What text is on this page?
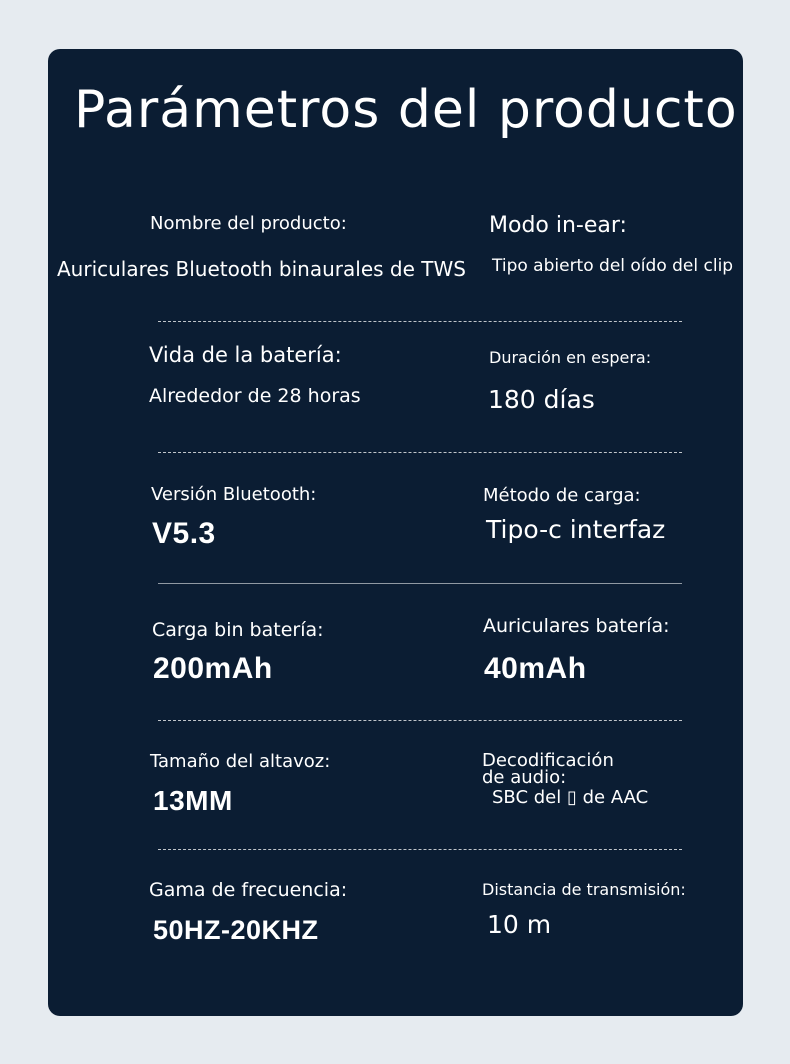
Parámetros del producto
Nombre del producto:
Auriculares Bluetooth binaurales de TWS
Modo in-ear:
Tipo abierto del oído del clip
Vida de la batería:
Alrededor de 28 horas
Duración en espera:
180 días
Versión Bluetooth:
V5.3
Método de carga:
Tipo-c interfaz
Carga bin batería:
200mAh
Auriculares batería:
40mAh
Tamaño del altavoz:
13MM
Decodificación de audio:
SBC del ▯ de AAC
Gama de frecuencia:
50HZ-20KHZ
Distancia de transmisión:
10 m
